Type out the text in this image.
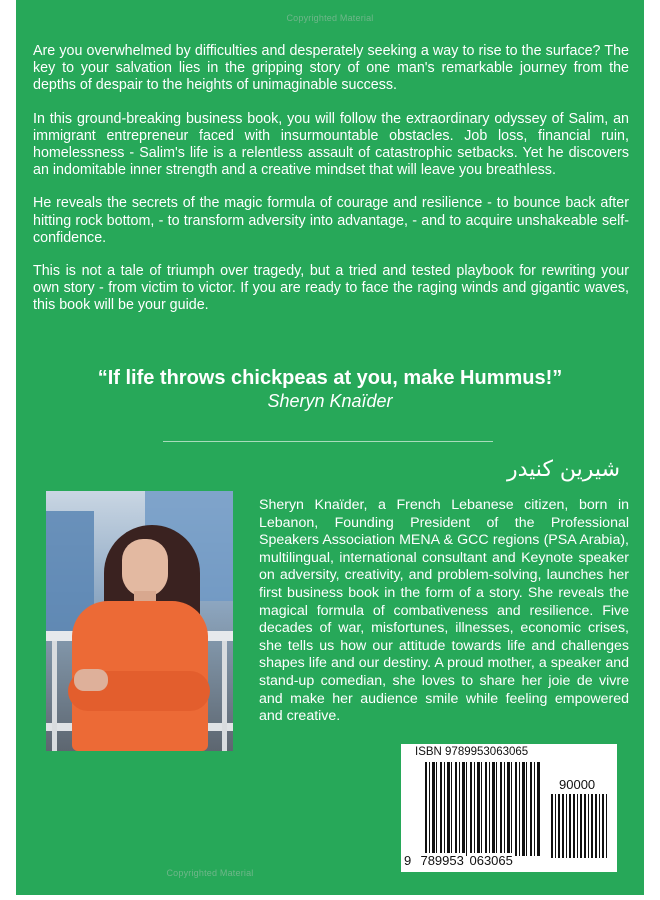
Copyrighted Material

Are you overwhelmed by difficulties and desperately seeking a way to rise to the surface? The key to your salvation lies in the gripping story of one man's remarkable journey from the depths of despair to the heights of unimaginable success.

In this ground-breaking business book, you will follow the extraordinary odyssey of Salim, an immigrant entrepreneur faced with insurmountable obstacles. Job loss, financial ruin, homelessness - Salim's life is a relentless assault of catastrophic setbacks. Yet he discovers an indomitable inner strength and a creative mindset that will leave you breathless.

He reveals the secrets of the magic formula of courage and resilience - to bounce back after hitting rock bottom, - to transform adversity into advantage, - and to acquire unshakeable self-confidence.

This is not a tale of triumph over tragedy, but a tried and tested playbook for rewriting your own story - from victim to victor. If you are ready to face the raging winds and gigantic waves, this book will be your guide.

“If life throws chickpeas at you, make Hummus!”
Sheryn Knaïder
شيرين كنيدر
Sheryn Knaïder, a French Lebanese citizen, born in Lebanon, Founding President of the Professional Speakers Association MENA & GCC regions (PSA Arabia), multilingual, international consultant and Keynote speaker on adversity, creativity, and problem-solving, launches her first business book in the form of a story. She reveals the magical formula of combativeness and resilience. Five decades of war, misfortunes, illnesses, economic crises, she tells us how our attitude towards life and challenges shapes life and our destiny. A proud mother, a speaker and stand-up comedian, she loves to share her joie de vivre and make her audience smile while feeling empowered and creative.
ISBN 9789953063065
90000
9 789953 063065
Copyrighted Material
